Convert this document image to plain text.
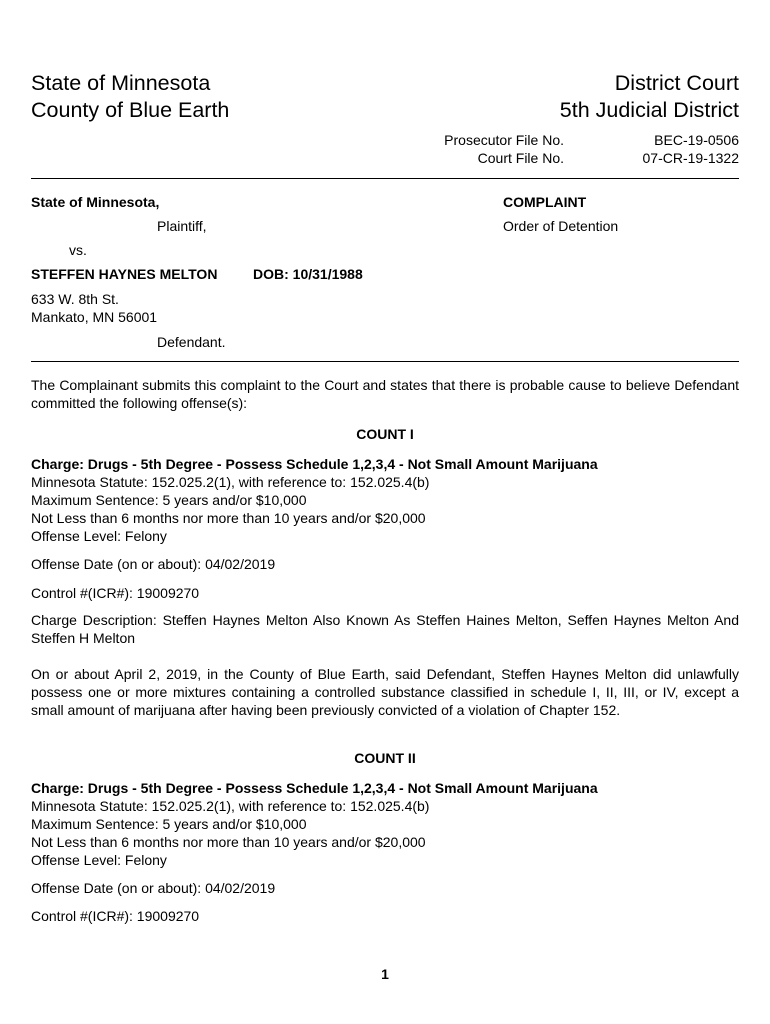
State of Minnesota
County of Blue Earth
District Court
5th Judicial District
Prosecutor File No.	BEC-19-0506
Court File No.	07-CR-19-1322
State of Minnesota,
Plaintiff,
vs.
STEFFEN HAYNES MELTON	DOB: 10/31/1988
633 W. 8th St.
Mankato, MN 56001
Defendant.
COMPLAINT
Order of Detention
The Complainant submits this complaint to the Court and states that there is probable cause to believe Defendant committed the following offense(s):
COUNT I
Charge: Drugs - 5th Degree - Possess Schedule 1,2,3,4 - Not Small Amount Marijuana
Minnesota Statute: 152.025.2(1), with reference to: 152.025.4(b)
Maximum Sentence: 5 years and/or $10,000
Not Less than 6 months nor more than 10 years and/or $20,000
Offense Level: Felony
Offense Date (on or about): 04/02/2019
Control #(ICR#): 19009270
Charge Description: Steffen Haynes Melton Also Known As Steffen Haines Melton, Seffen Haynes Melton And Steffen H Melton
On or about April 2, 2019, in the County of Blue Earth, said Defendant, Steffen Haynes Melton did unlawfully possess one or more mixtures containing a controlled substance classified in schedule I, II, III, or IV, except a small amount of marijuana after having been previously convicted of a violation of Chapter 152.
COUNT II
Charge: Drugs - 5th Degree - Possess Schedule 1,2,3,4 - Not Small Amount Marijuana
Minnesota Statute: 152.025.2(1), with reference to: 152.025.4(b)
Maximum Sentence: 5 years and/or $10,000
Not Less than 6 months nor more than 10 years and/or $20,000
Offense Level: Felony
Offense Date (on or about): 04/02/2019
Control #(ICR#): 19009270
1
